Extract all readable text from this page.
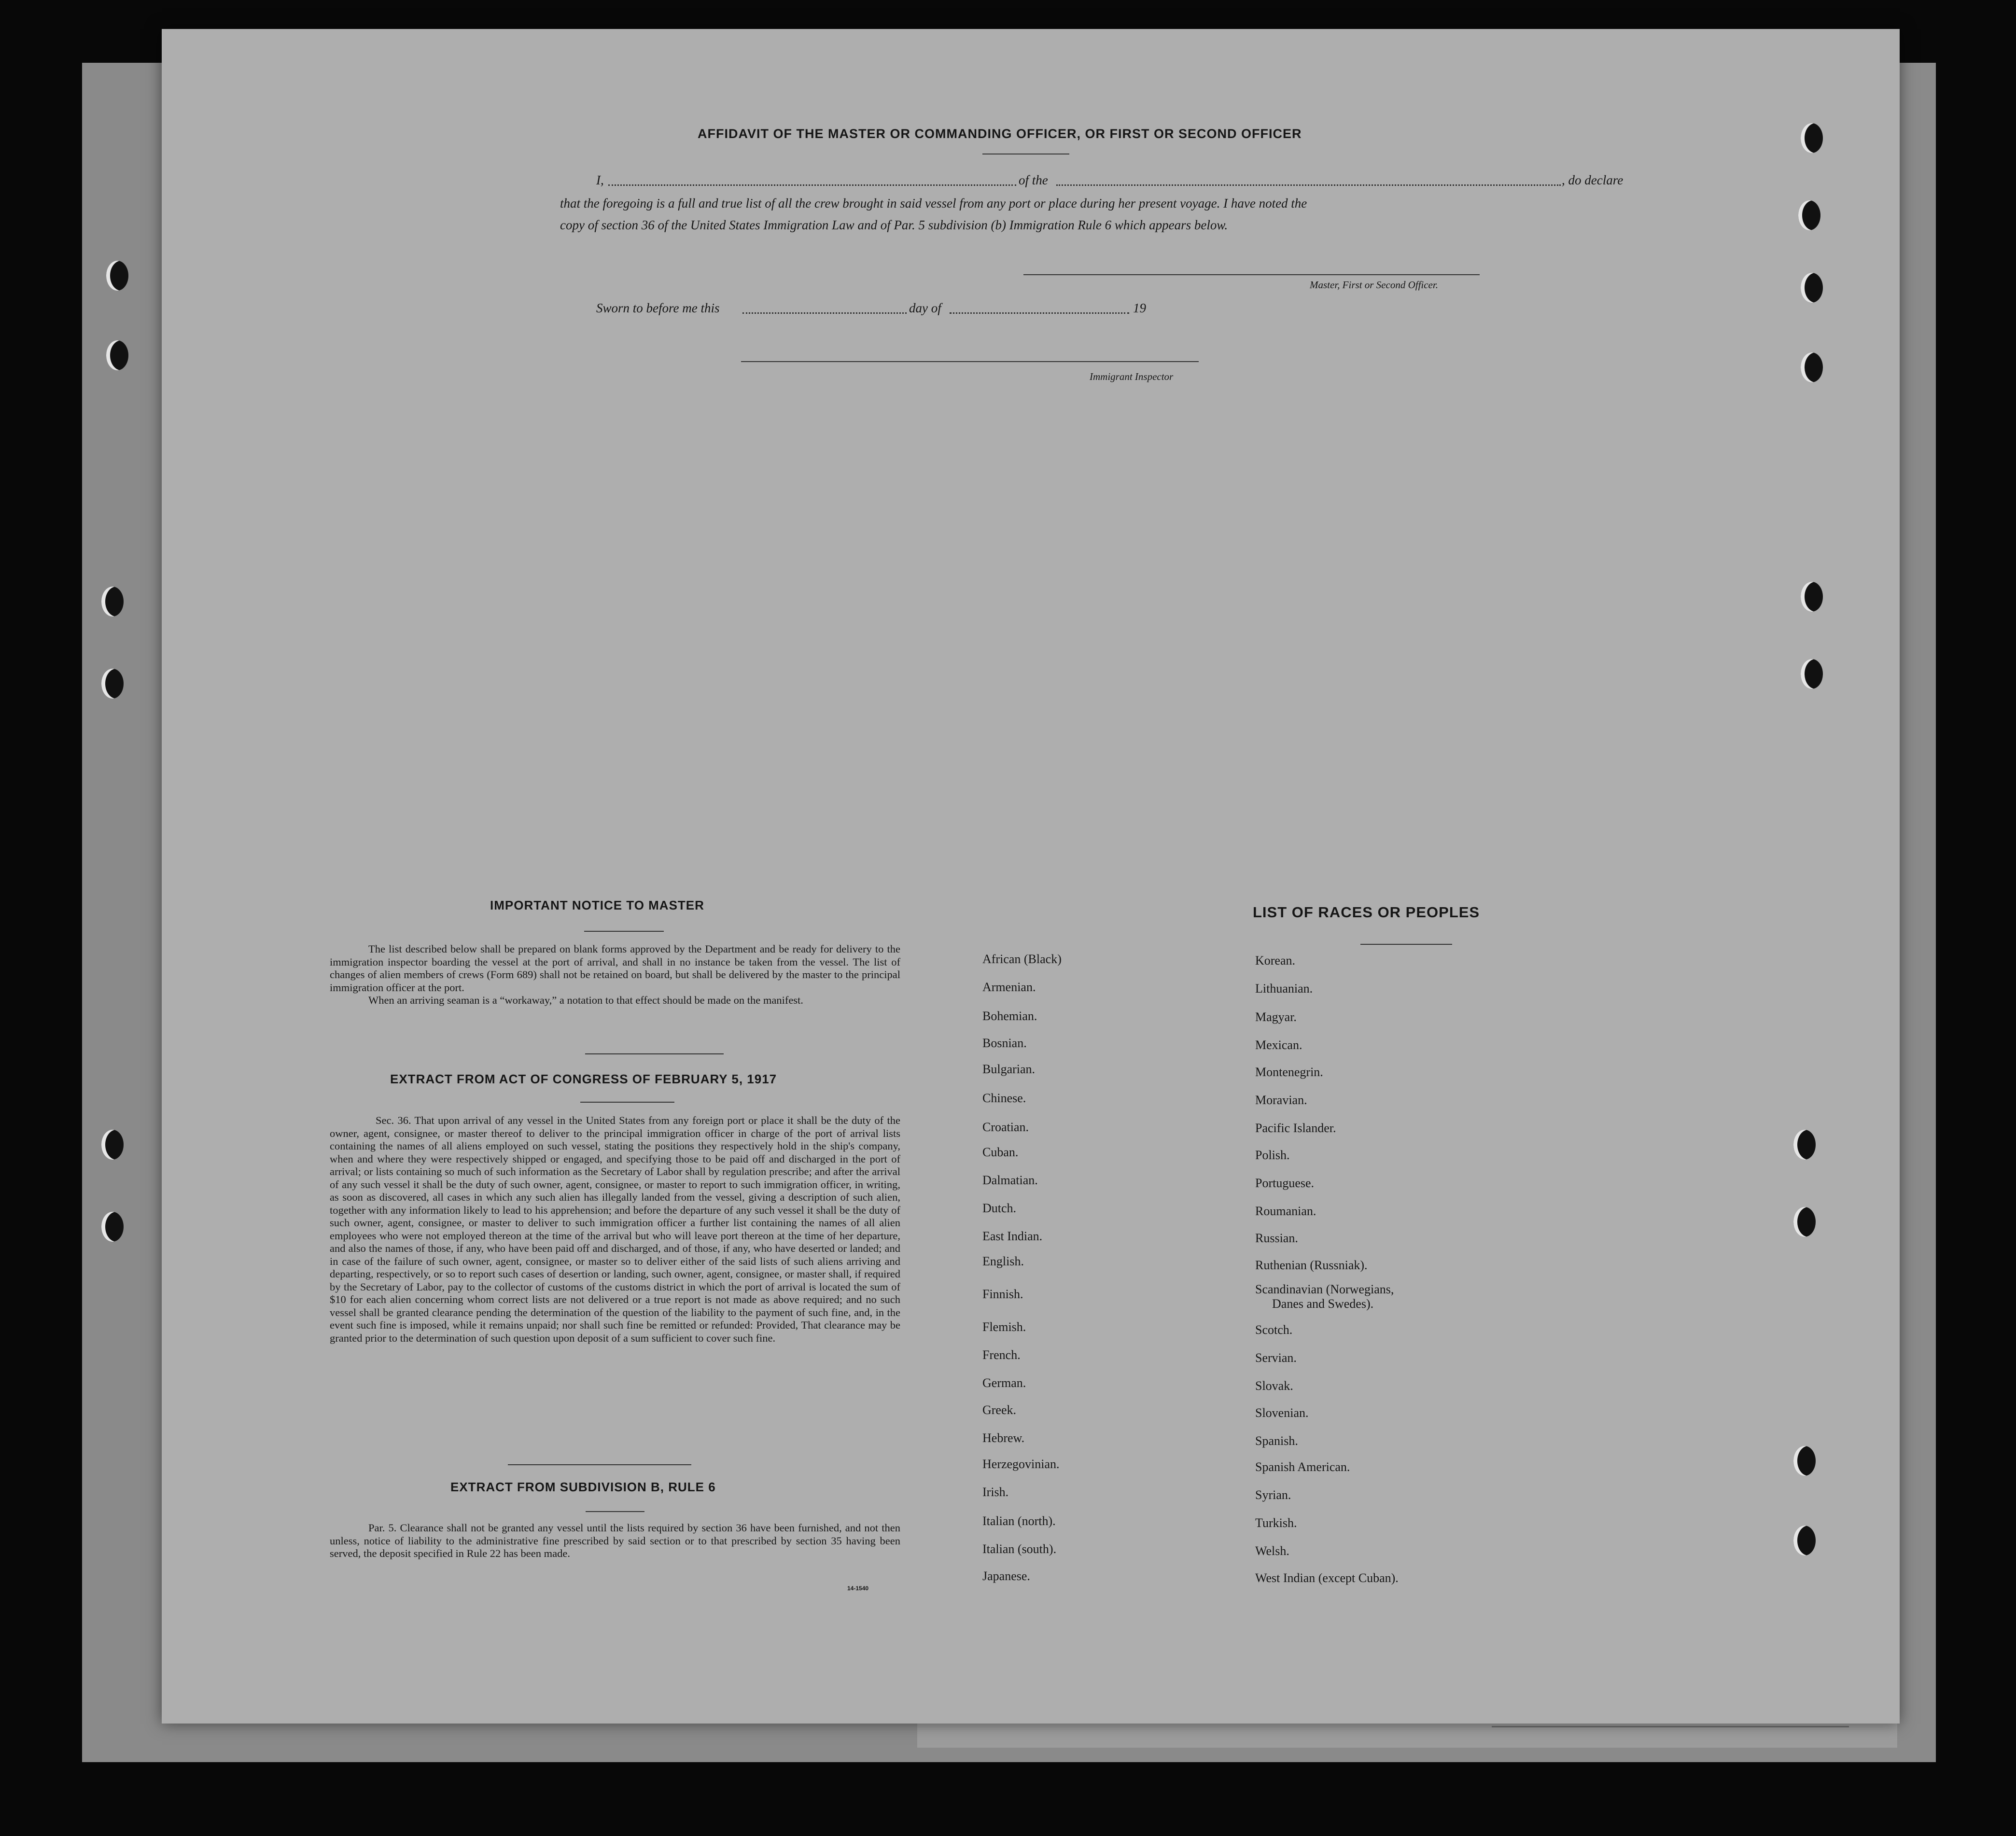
AFFIDAVIT OF THE MASTER OR COMMANDING OFFICER, OR FIRST OR SECOND OFFICER
I,	of the	, do declare
that the foregoing is a full and true list of all the crew brought in said vessel from any port or place during her present voyage. I have noted the
copy of section 36 of the United States Immigration Law and of Par. 5 subdivision (b) Immigration Rule 6 which appears below.
Master, First or Second Officer.
Sworn to before me this	day of	19
Immigrant Inspector
IMPORTANT NOTICE TO MASTER

The list described below shall be prepared on blank forms approved by the Department and be ready for delivery to the immigration inspector boarding the vessel at the port of arrival, and shall in no instance be taken from the vessel. The list of changes of alien members of crews (Form 689) shall not be retained on board, but shall be delivered by the master to the principal immigration officer at the port.

When an arriving seaman is a “workaway,” a notation to that effect should be made on the manifest.

EXTRACT FROM ACT OF CONGRESS OF FEBRUARY 5, 1917

Sec. 36. That upon arrival of any vessel in the United States from any foreign port or place it shall be the duty of the owner, agent, consignee, or master thereof to deliver to the principal immigration officer in charge of the port of arrival lists containing the names of all aliens employed on such vessel, stating the positions they respectively hold in the ship's company, when and where they were respectively shipped or engaged, and specifying those to be paid off and discharged in the port of arrival; or lists containing so much of such information as the Secretary of Labor shall by regulation prescribe; and after the arrival of any such vessel it shall be the duty of such owner, agent, consignee, or master to report to such immigration officer, in writing, as soon as discovered, all cases in which any such alien has illegally landed from the vessel, giving a description of such alien, together with any information likely to lead to his apprehension; and before the departure of any such vessel it shall be the duty of such owner, agent, consignee, or master to deliver to such immigration officer a further list containing the names of all alien employees who were not employed thereon at the time of the arrival but who will leave port thereon at the time of her departure, and also the names of those, if any, who have been paid off and discharged, and of those, if any, who have deserted or landed; and in case of the failure of such owner, agent, consignee, or master so to deliver either of the said lists of such aliens arriving and departing, respectively, or so to report such cases of desertion or landing, such owner, agent, consignee, or master shall, if required by the Secretary of Labor, pay to the collector of customs of the customs district in which the port of arrival is located the sum of $10 for each alien concerning whom correct lists are not delivered or a true report is not made as above required; and no such vessel shall be granted clearance pending the determination of the question of the liability to the payment of such fine, and, in the event such fine is imposed, while it remains unpaid; nor shall such fine be remitted or refunded: Provided, That clearance may be granted prior to the determination of such question upon deposit of a sum sufficient to cover such fine.

EXTRACT FROM SUBDIVISION B, RULE 6

Par. 5. Clearance shall not be granted any vessel until the lists required by section 36 have been furnished, and not then unless, notice of liability to the administrative fine prescribed by said section or to that prescribed by section 35 having been served, the deposit specified in Rule 22 has been made.

14-1540
LIST OF RACES OR PEOPLES
African (Black)
Armenian.
Bohemian.
Bosnian.
Bulgarian.
Chinese.
Croatian.
Cuban.
Dalmatian.
Dutch.
East Indian.
English.
Finnish.
Flemish.
French.
German.
Greek.
Hebrew.
Herzegovinian.
Irish.
Italian (north).
Italian (south).
Japanese.
Korean.
Lithuanian.
Magyar.
Mexican.
Montenegrin.
Moravian.
Pacific Islander.
Polish.
Portuguese.
Roumanian.
Russian.
Ruthenian (Russniak).
Scandinavian (Norwegians,
Danes and Swedes).
Scotch.
Servian.
Slovak.
Slovenian.
Spanish.
Spanish American.
Syrian.
Turkish.
Welsh.
West Indian (except Cuban).
